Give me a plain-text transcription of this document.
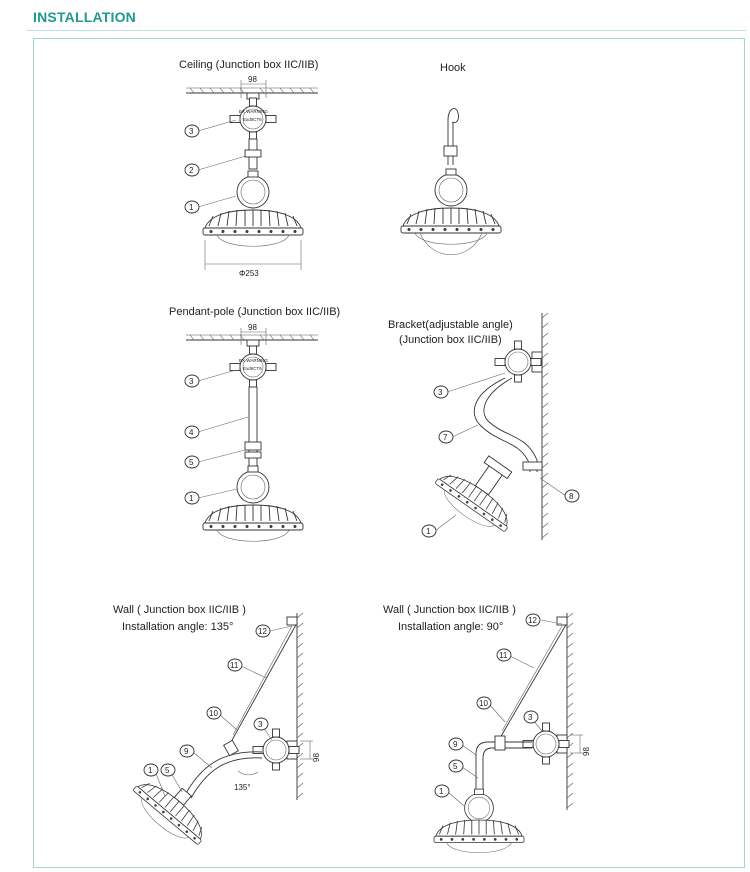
INSTALLATION
Ceiling (Junction box IIC/IIB)	Hook
Pendant-pole (Junction box IIC/IIB)
Bracket(adjustable angle)
(Junction box IIC/IIB)
Wall ( Junction box IIC/IIB )
Installation angle: 135°
Wall ( Junction box IIC/IIB )
Installation angle: 90°
98
EX WARNING
ExdIICT6
Φ253
3
2
1
98
EX WARNING
ExdIICT6
3
4
5
1
3
7
8
1
135°
98
12
11
10
3
9
1 5
98
12
11
10
3
9
5
1
